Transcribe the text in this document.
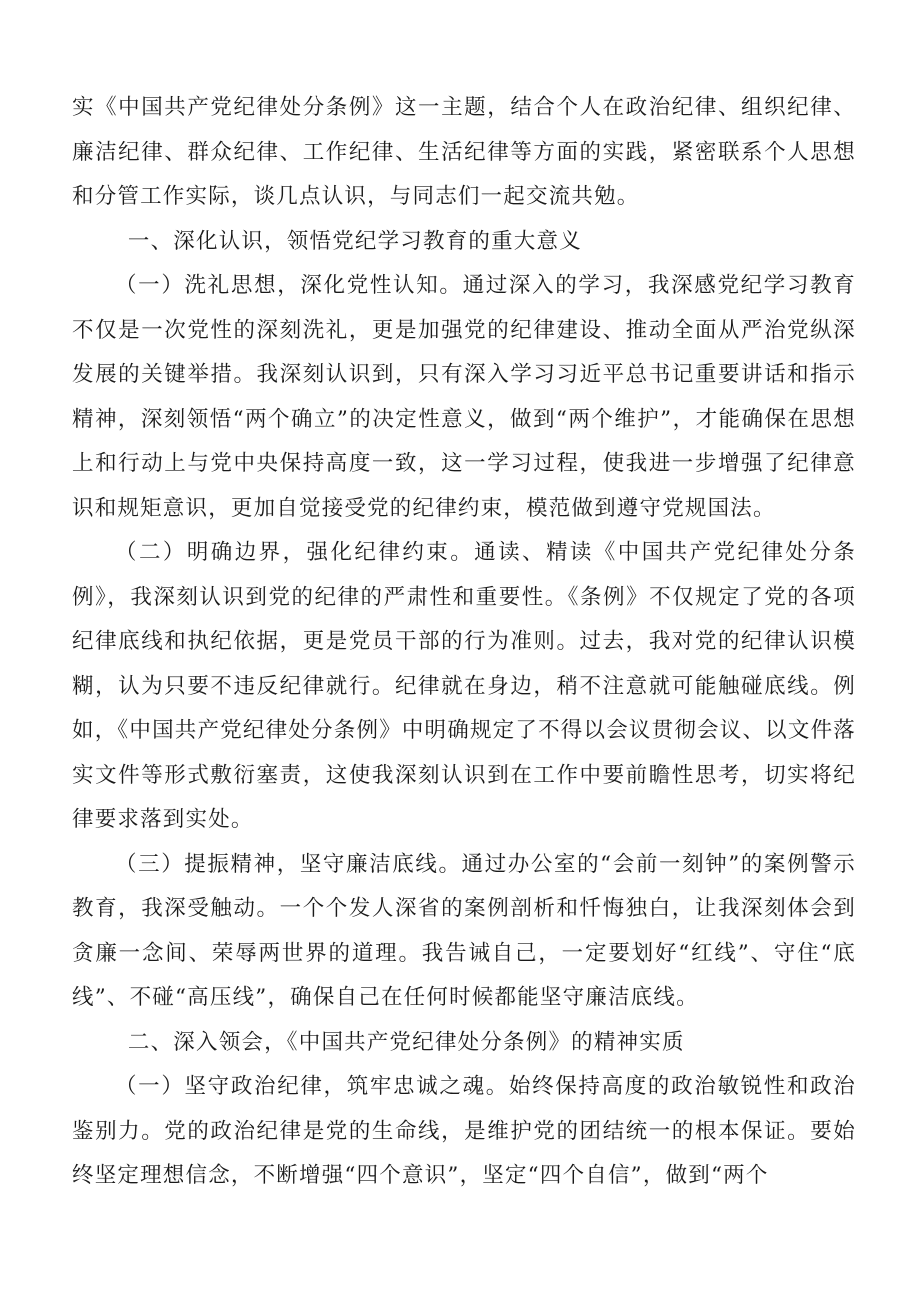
实《中国共产党纪律处分条例》这一主题，结合个人在政治纪律、组织纪律、廉洁纪律、群众纪律、工作纪律、生活纪律等方面的实践，紧密联系个人思想和分管工作实际，谈几点认识，与同志们一起交流共勉。

一、深化认识，领悟党纪学习教育的重大意义

（一）洗礼思想，深化党性认知。通过深入的学习，我深感党纪学习教育不仅是一次党性的深刻洗礼，更是加强党的纪律建设、推动全面从严治党纵深发展的关键举措。我深刻认识到，只有深入学习习近平总书记重要讲话和指示精神，深刻领悟“两个确立”的决定性意义，做到“两个维护”，才能确保在思想上和行动上与党中央保持高度一致，这一学习过程，使我进一步增强了纪律意识和规矩意识，更加自觉接受党的纪律约束，模范做到遵守党规国法。

（二）明确边界，强化纪律约束。通读、精读《中国共产党纪律处分条例》，我深刻认识到党的纪律的严肃性和重要性。《条例》不仅规定了党的各项纪律底线和执纪依据，更是党员干部的行为准则。过去，我对党的纪律认识模糊，认为只要不违反纪律就行。纪律就在身边，稍不注意就可能触碰底线。例如，《中国共产党纪律处分条例》中明确规定了不得以会议贯彻会议、以文件落实文件等形式敷衍塞责，这使我深刻认识到在工作中要前瞻性思考，切实将纪律要求落到实处。

（三）提振精神，坚守廉洁底线。通过办公室的“会前一刻钟”的案例警示教育，我深受触动。一个个发人深省的案例剖析和忏悔独白，让我深刻体会到贪廉一念间、荣辱两世界的道理。我告诫自己，一定要划好“红线”、守住“底线”、不碰“高压线”，确保自己在任何时候都能坚守廉洁底线。

二、深入领会，《中国共产党纪律处分条例》的精神实质

（一）坚守政治纪律，筑牢忠诚之魂。始终保持高度的政治敏锐性和政治鉴别力。党的政治纪律是党的生命线，是维护党的团结统一的根本保证。要始终坚定理想信念，不断增强“四个意识”，坚定“四个自信”，做到“两个
